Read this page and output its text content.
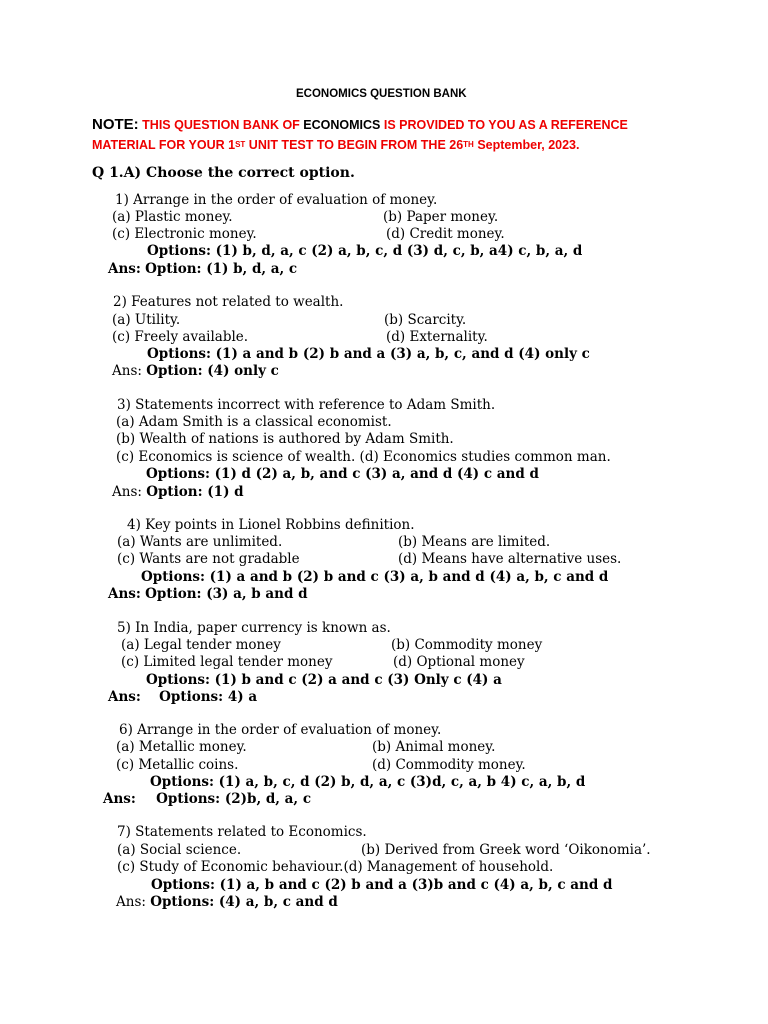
ECONOMICS QUESTION BANK
NOTE: THIS QUESTION BANK OF ECONOMICS IS PROVIDED TO YOU AS A REFERENCE
MATERIAL FOR YOUR 1ST UNIT TEST TO BEGIN FROM THE 26TH September, 2023.
Q 1.A) Choose the correct option.
1) Arrange in the order of evaluation of money.
(a) Plastic money.	(b) Paper money.
(c) Electronic money.	(d) Credit money.
Options: (1) b, d, a, c (2) a, b, c, d (3) d, c, b, a4) c, b, a, d
Ans: Option: (1) b, d, a, c
2) Features not related to wealth.
(a) Utility.	(b) Scarcity.
(c) Freely available.	(d) Externality.
Options: (1) a and b (2) b and a (3) a, b, c, and d (4) only c
Ans: Option: (4) only c
3) Statements incorrect with reference to Adam Smith.
(a) Adam Smith is a classical economist.
(b) Wealth of nations is authored by Adam Smith.
(c) Economics is science of wealth. (d) Economics studies common man.
Options: (1) d (2) a, b, and c (3) a, and d (4) c and d
Ans: Option: (1) d
4) Key points in Lionel Robbins definition.
(a) Wants are unlimited.	(b) Means are limited.
(c) Wants are not gradable	(d) Means have alternative uses.
Options: (1) a and b (2) b and c (3) a, b and d (4) a, b, c and d
Ans: Option: (3) a, b and d
5) In India, paper currency is known as.
(a) Legal tender money	(b) Commodity money
(c) Limited legal tender money	(d) Optional money
Options: (1) b and c (2) a and c (3) Only c (4) a
Ans: Options: 4) a
6) Arrange in the order of evaluation of money.
(a) Metallic money.	(b) Animal money.
(c) Metallic coins.	(d) Commodity money.
Options: (1) a, b, c, d (2) b, d, a, c (3)d, c, a, b 4) c, a, b, d
Ans: Options: (2)b, d, a, c
7) Statements related to Economics.
(a) Social science.	(b) Derived from Greek word ‘Oikonomia’.
(c) Study of Economic behaviour.(d) Management of household.
Options: (1) a, b and c (2) b and a (3)b and c (4) a, b, c and d
Ans: Options: (4) a, b, c and d
